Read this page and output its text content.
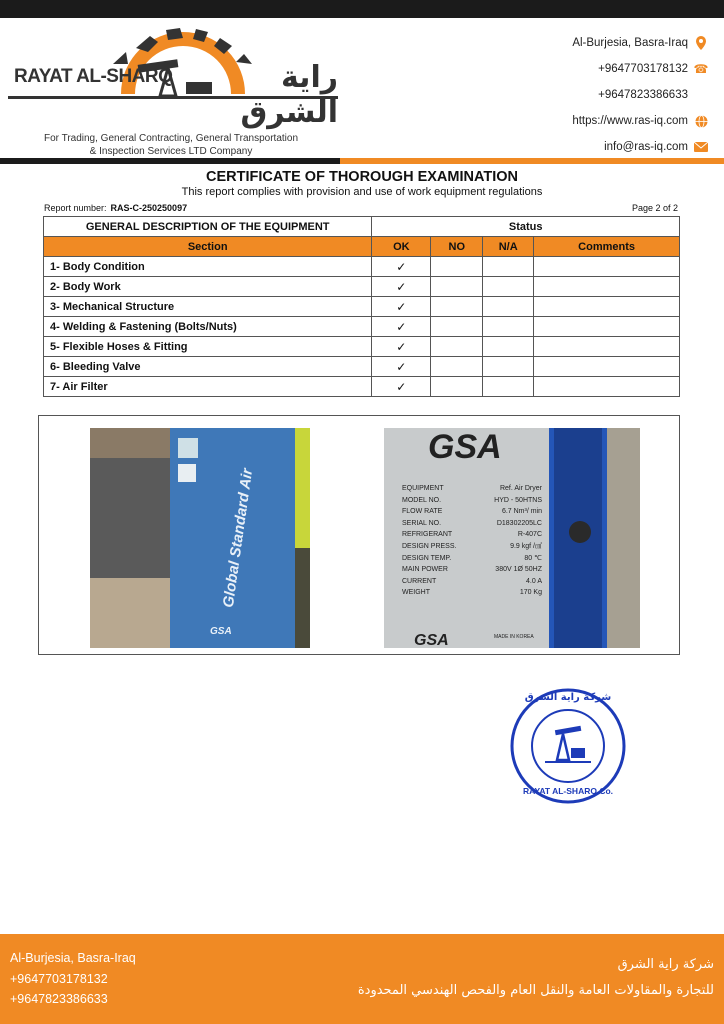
RAYAT AL-SHARQ	راية الشرق
For Trading, General Contracting, General Transportation
& Inspection Services LTD Company
Al-Burjesia, Basra-Iraq
+9647703178132 ☎
+9647823386633
https://www.ras-iq.com
info@ras-iq.com
CERTIFICATE OF THOROUGH EXAMINATION
This report complies with provision and use of work equipment regulations
Report number: RAS-C-250250097	Page 2 of 2
GENERAL DESCRIPTION OF THE EQUIPMENT	Status			
Section	OK	NO	N/A	Comments
1- Body Condition	✓			
2- Body Work	✓			
3- Mechanical Structure	✓			
4- Welding & Fastening (Bolts/Nuts)	✓			
5- Flexible Hoses & Fitting	✓			
6- Bleeding Valve	✓			
7- Air Filter	✓			
Global Standard Air
GSA
GSA
EQUIPMENT	Ref. Air Dryer
MODEL NO.	HYD - 50HTNS
FLOW RATE	6.7 Nm³/ min
SERIAL NO.	D18302205LC
REFRIGERANT	R-407C
DESIGN PRESS.	9.9 kgf /㎠
DESIGN TEMP.	80 ℃
MAIN POWER	380V 1Ø 50HZ
CURRENT	4.0 A
WEIGHT	170 Kg
MADE IN KOREA
GSA
شركة راية الشرق
RAYAT AL-SHARQ Co.
Al-Burjesia, Basra-Iraq
+9647703178132
+9647823386633
شركة راية الشرق
للتجارة والمقاولات العامة والنقل العام والفحص الهندسي المحدودة
